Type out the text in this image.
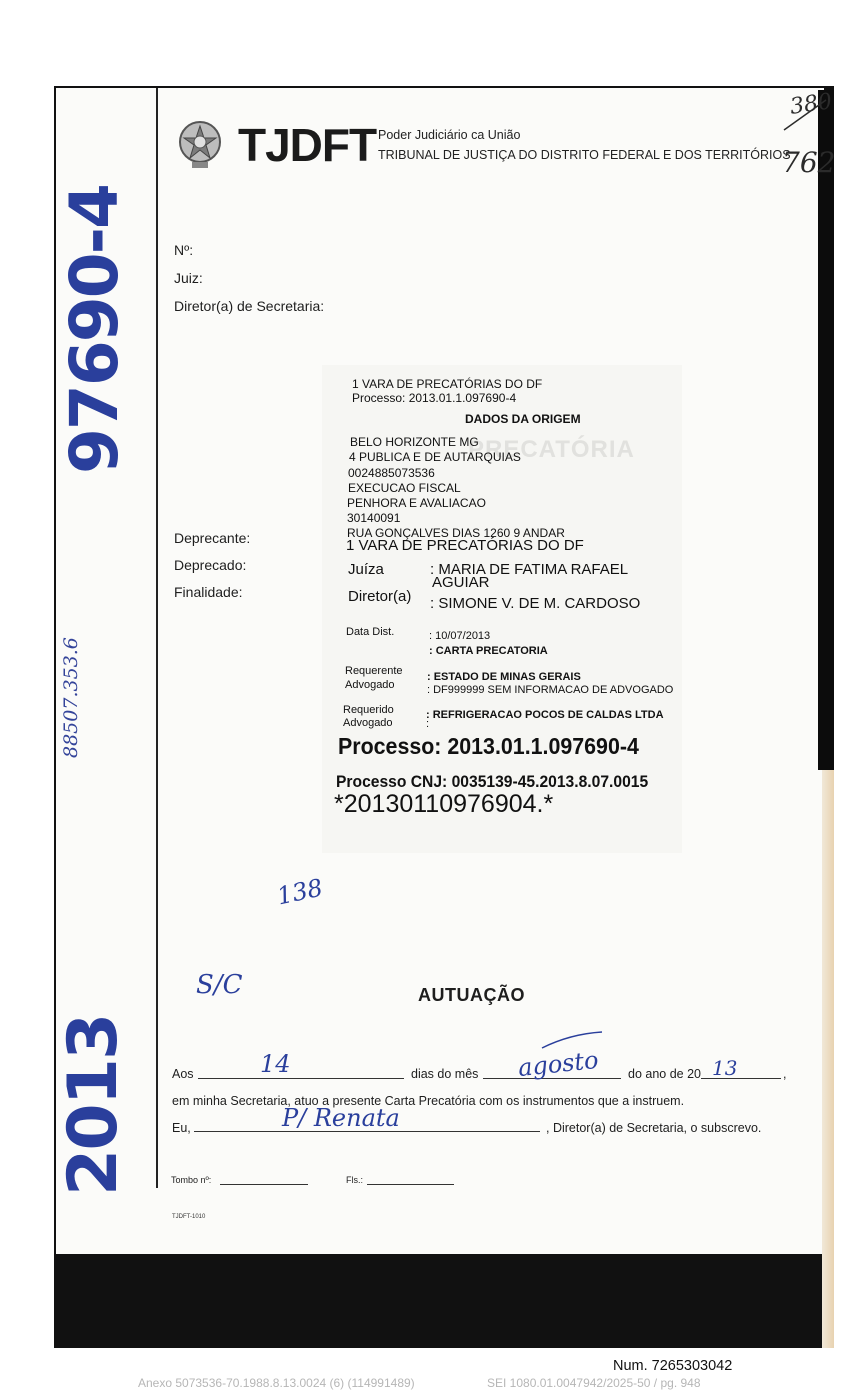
TJDFT Poder Judiciário ca União
TRIBUNAL DE JUSTIÇA DO DISTRITO FEDERAL E DOS TERRITÓRIOS
Nº:
Juiz:
Diretor(a) de Secretaria:
Deprecante:
Deprecado:
Finalidade:
PRECATÓRIA
1 VARA DE PRECATÓRIAS DO DF
Processo: 2013.01.1.097690-4
DADOS DA ORIGEM
BELO HORIZONTE MG
4 PUBLICA E DE AUTARQUIAS
0024885073536
EXECUCAO FISCAL
PENHORA E AVALIACAO
30140091
RUA GONÇALVES DIAS 1260 9 ANDAR
1 VARA DE PRECATÓRIAS DO DF
Juíza	: MARIA DE FATIMA RAFAEL
AGUIAR
Diretor(a) : SIMONE V. DE M. CARDOSO
Data Dist.	: 10/07/2013
: CARTA PRECATORIA
Requerente : ESTADO DE MINAS GERAIS
Advogado	: DF999999 SEM INFORMACAO DE ADVOGADO
Requerido	: REFRIGERACAO POCOS DE CALDAS LTDA
Advogado	:
Processo: 2013.01.1.097690-4
Processo CNJ: 0035139-45.2013.8.07.0015
*20130110976904.*
AUTUAÇÃO
Aos	dias do mês	do ano de 20	,
em minha Secretaria, atuo a presente Carta Precatória com os instrumentos que a instruem.
Eu,	, Diretor(a) de Secretaria, o subscrevo.
Tombo nº:	Fls.:
TJDFT-1010
97690-4
2013
88507.353.6
380
762
138
S/C
14	agosto	13
P/ Renata
Num. 7265303042
Anexo 5073536-70.1988.8.13.0024 (6) (114991489)	SEI 1080.01.0047942/2025-50 / pg. 948
